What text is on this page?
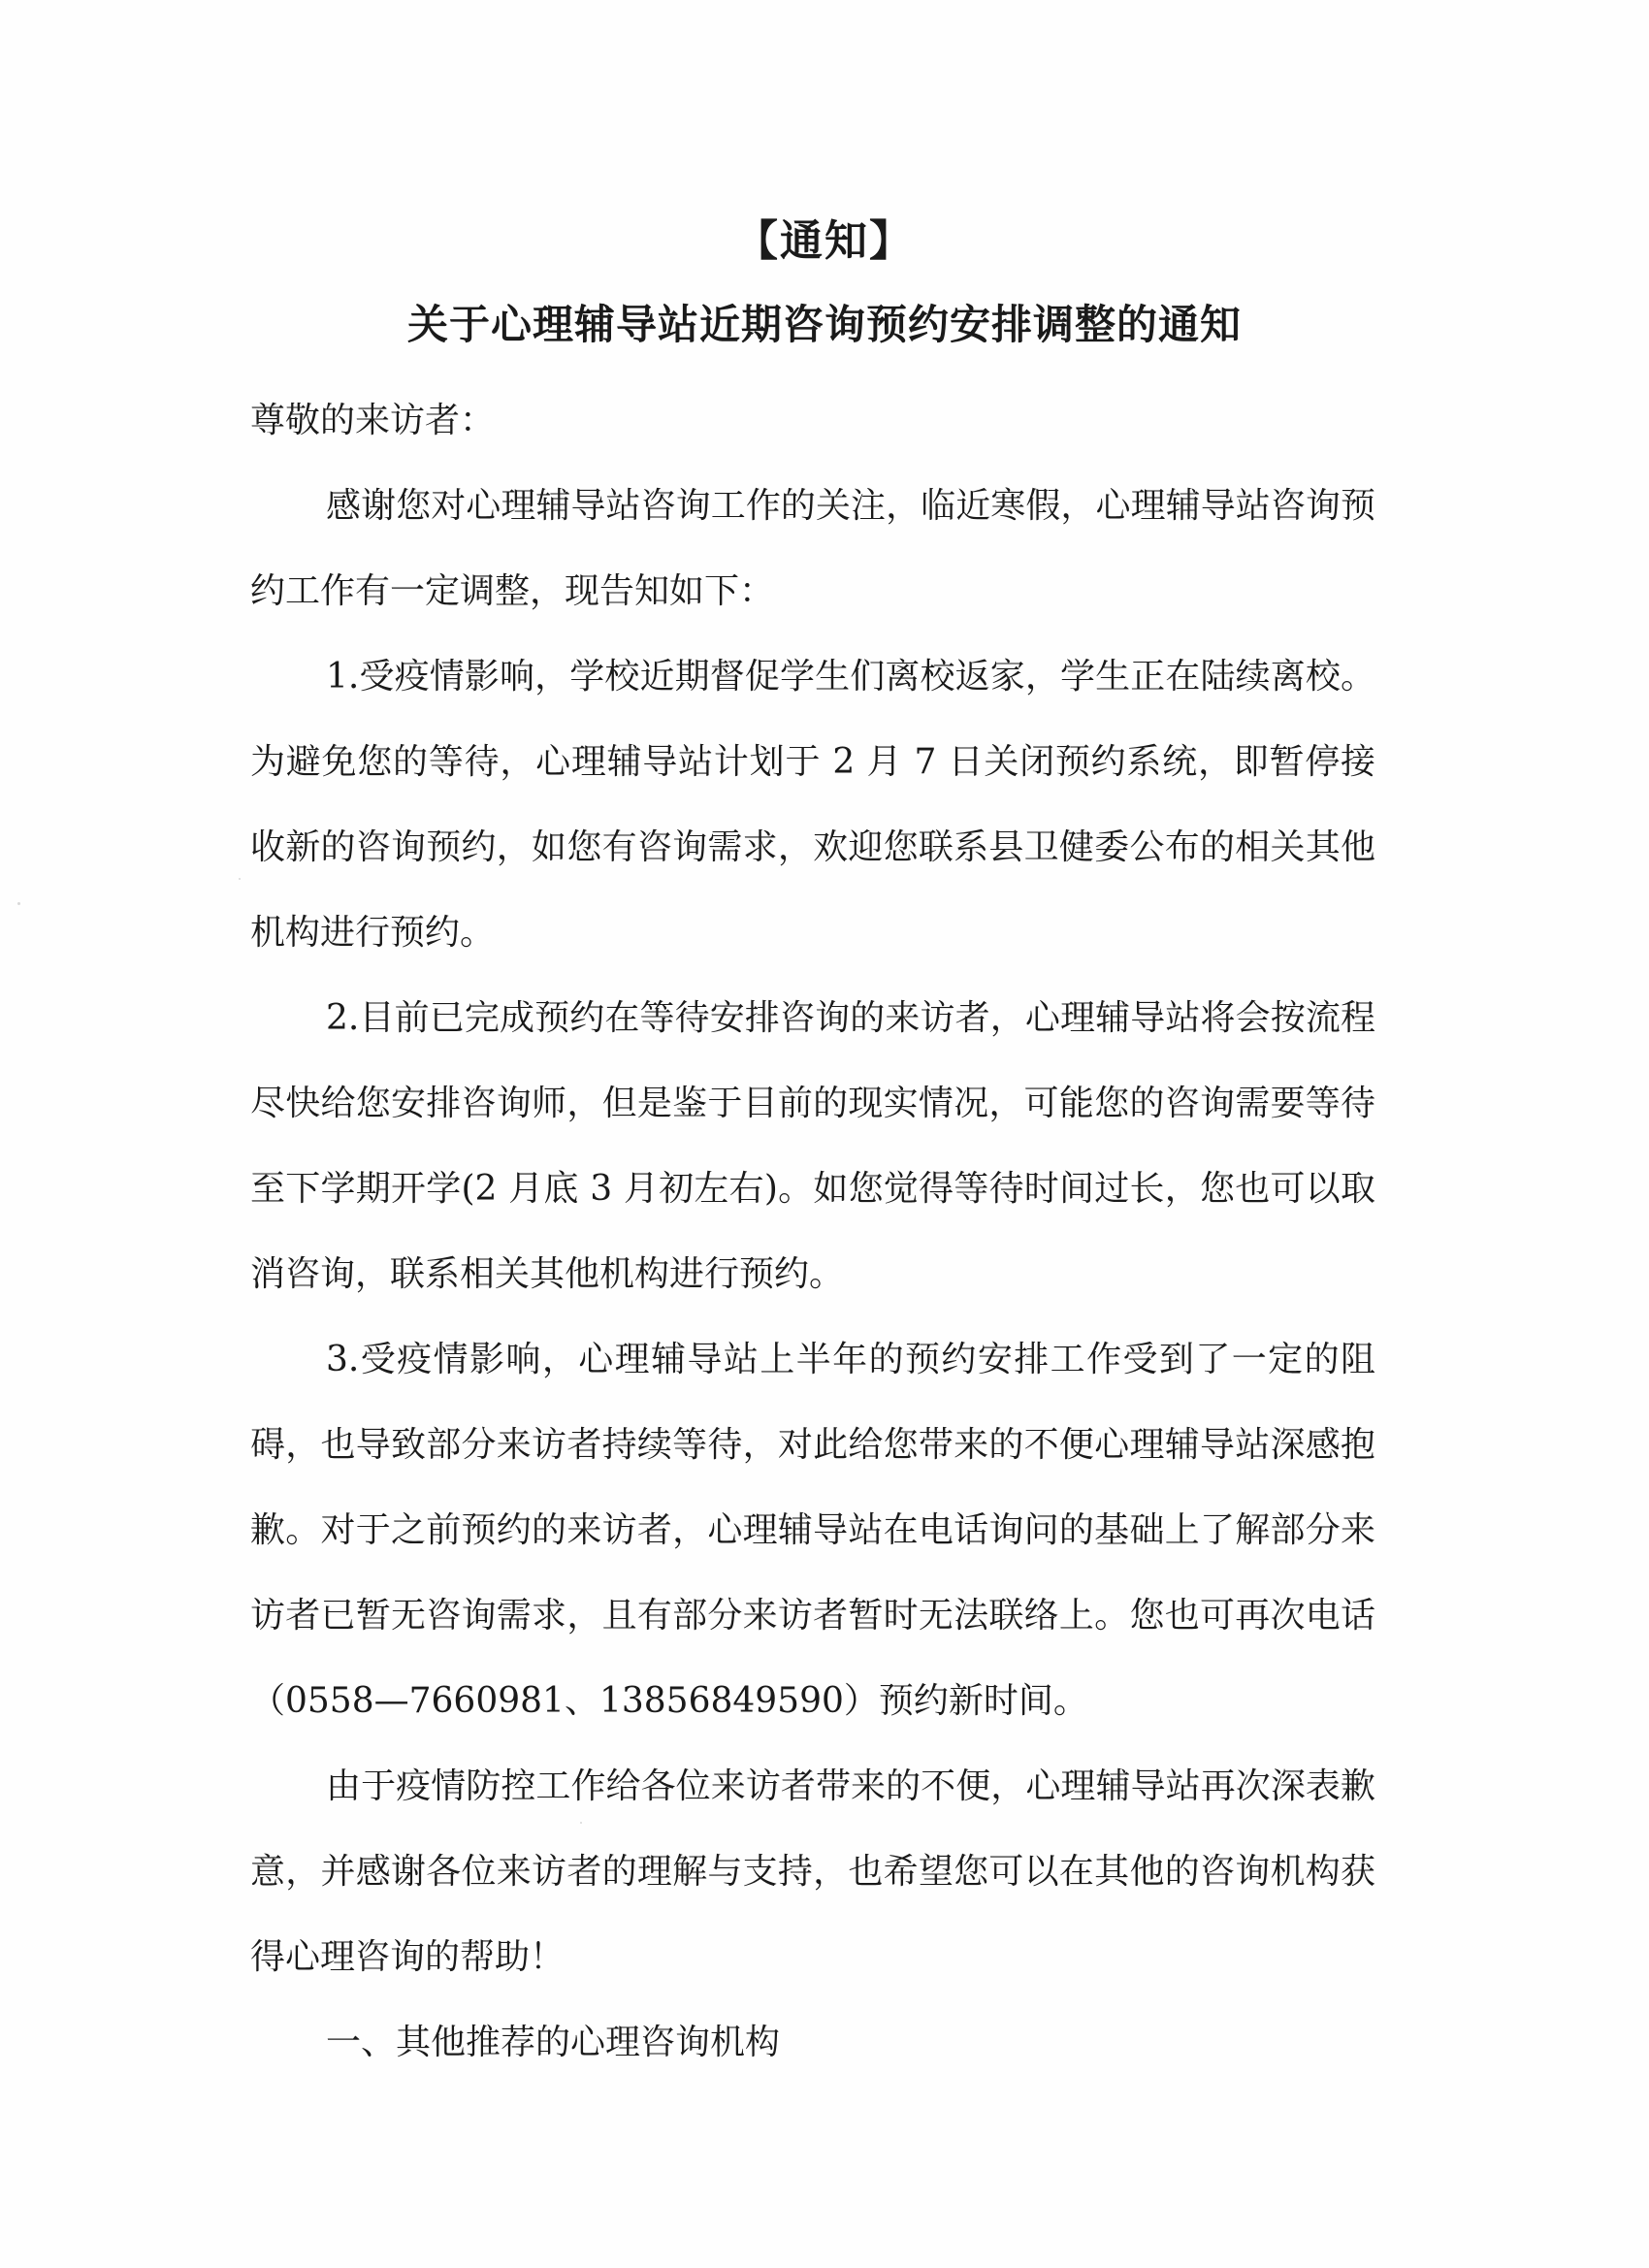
【通知】
关于心理辅导站近期咨询预约安排调整的通知

尊敬的来访者：

感谢您对心理辅导站咨询工作的关注，临近寒假，心理辅导站咨询预约工作有一定调整，现告知如下：

1.受疫情影响，学校近期督促学生们离校返家，学生正在陆续离校。为避免您的等待，心理辅导站计划于 2 月 7 日关闭预约系统，即暂停接收新的咨询预约，如您有咨询需求，欢迎您联系县卫健委公布的相关其他机构进行预约。

2.目前已完成预约在等待安排咨询的来访者，心理辅导站将会按流程尽快给您安排咨询师，但是鉴于目前的现实情况，可能您的咨询需要等待至下学期开学(2 月底 3 月初左右)。如您觉得等待时间过长，您也可以取消咨询，联系相关其他机构进行预约。

3.受疫情影响，心理辅导站上半年的预约安排工作受到了一定的阻碍，也导致部分来访者持续等待，对此给您带来的不便心理辅导站深感抱歉。对于之前预约的来访者，心理辅导站在电话询问的基础上了解部分来访者已暂无咨询需求，且有部分来访者暂时无法联络上。您也可再次电话（0558—7660981、13856849590）预约新时间。

由于疫情防控工作给各位来访者带来的不便，心理辅导站再次深表歉意，并感谢各位来访者的理解与支持，也希望您可以在其他的咨询机构获得心理咨询的帮助！

一、其他推荐的心理咨询机构
